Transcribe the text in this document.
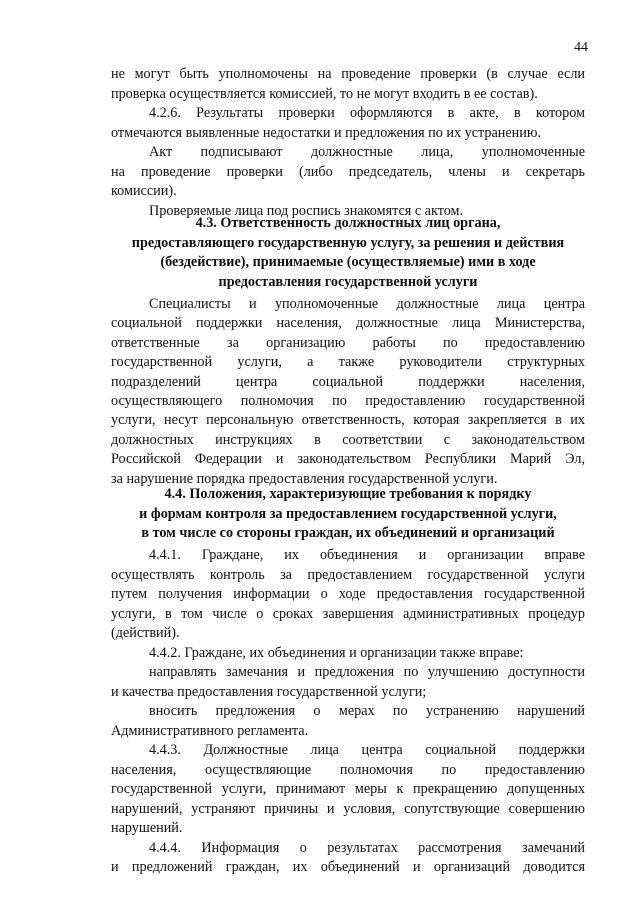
44
не могут быть уполномочены на проведение проверки (в случае если
проверка осуществляется комиссией, то не могут входить в ее состав).
4.2.6. Результаты проверки оформляются в акте, в котором
отмечаются выявленные недостатки и предложения по их устранению.
Акт подписывают должностные лица, уполномоченные
на проведение проверки (либо председатель, члены и секретарь
комиссии).
Проверяемые лица под роспись знакомятся с актом.
4.3. Ответственность должностных лиц органа,
предоставляющего государственную услугу, за решения и действия
(бездействие), принимаемые (осуществляемые) ими в ходе
предоставления государственной услуги
Специалисты и уполномоченные должностные лица центра
социальной поддержки населения, должностные лица Министерства,
ответственные за организацию работы по предоставлению
государственной услуги, а также руководители структурных
подразделений центра социальной поддержки населения,
осуществляющего полномочия по предоставлению государственной
услуги, несут персональную ответственность, которая закрепляется в их
должностных инструкциях в соответствии с законодательством
Российской Федерации и законодательством Республики Марий Эл,
за нарушение порядка предоставления государственной услуги.
4.4. Положения, характеризующие требования к порядку
и формам контроля за предоставлением государственной услуги,
в том числе со стороны граждан, их объединений и организаций
4.4.1. Граждане, их объединения и организации вправе
осуществлять контроль за предоставлением государственной услуги
путем получения информации о ходе предоставления государственной
услуги, в том числе о сроках завершения административных процедур
(действий).
4.4.2. Граждане, их объединения и организации также вправе:
направлять замечания и предложения по улучшению доступности
и качества предоставления государственной услуги;
вносить предложения о мерах по устранению нарушений
Административного регламента.
4.4.3. Должностные лица центра социальной поддержки
населения, осуществляющие полномочия по предоставлению
государственной услуги, принимают меры к прекращению допущенных
нарушений, устраняют причины и условия, сопутствующие совершению
нарушений.
4.4.4. Информация о результатах рассмотрения замечаний
и предложений граждан, их объединений и организаций доводится
